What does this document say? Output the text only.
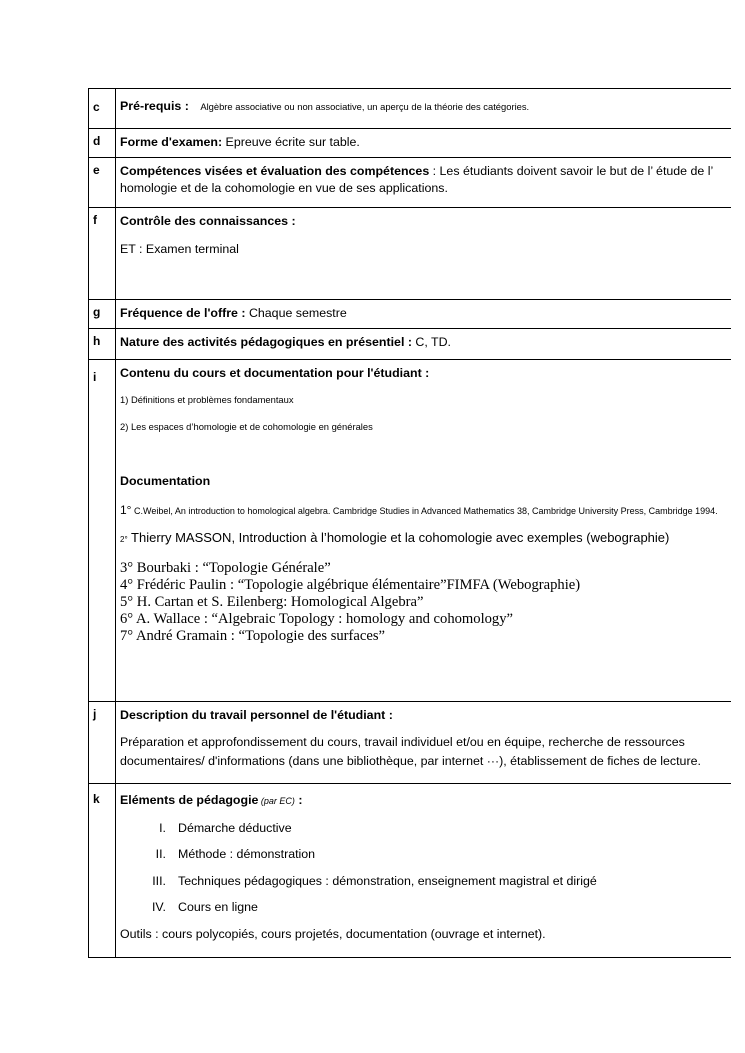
c	Pré-requis : Algèbre associative ou non associative, un aperçu de la théorie des catégories.
d	Forme d'examen: Epreuve écrite sur table.
e	Compétences visées et évaluation des compétences : Les étudiants doivent savoir le but de l’ étude de l’ homologie et de la cohomologie en vue de ses applications.
f	Contrôle des connaissances :
ET : Examen terminal
g	Fréquence de l'offre : Chaque semestre
h	Nature des activités pédagogiques en présentiel : C, TD.
i	Contenu du cours et documentation pour l'étudiant :
1) Définitions et problèmes fondamentaux
2) Les espaces d’homologie et de cohomologie en générales
Documentation
1° C.Weibel, An introduction to homological algebra. Cambridge Studies in Advanced Mathematics 38, Cambridge University Press, Cambridge 1994.
2° Thierry MASSON, Introduction à l’homologie et la cohomologie avec exemples (webographie)
3° Bourbaki : “Topologie Générale”
4° Frédéric Paulin : “Topologie algébrique élémentaire”FIMFA (Webographie)
5° H. Cartan et S. Eilenberg: Homological Algebra”
6° A. Wallace : “Algebraic Topology : homology and cohomology”
7° André Gramain : “Topologie des surfaces”
j	Description du travail personnel de l'étudiant :
Préparation et approfondissement du cours, travail individuel et/ou en équipe, recherche de ressources documentaires/ d'informations (dans une bibliothèque, par internet ···), établissement de fiches de lecture.
k	Eléments de pédagogie (par EC) :
I. Démarche déductive
II. Méthode : démonstration
III. Techniques pédagogiques : démonstration, enseignement magistral et dirigé
IV. Cours en ligne
Outils : cours polycopiés, cours projetés, documentation (ouvrage et internet).
